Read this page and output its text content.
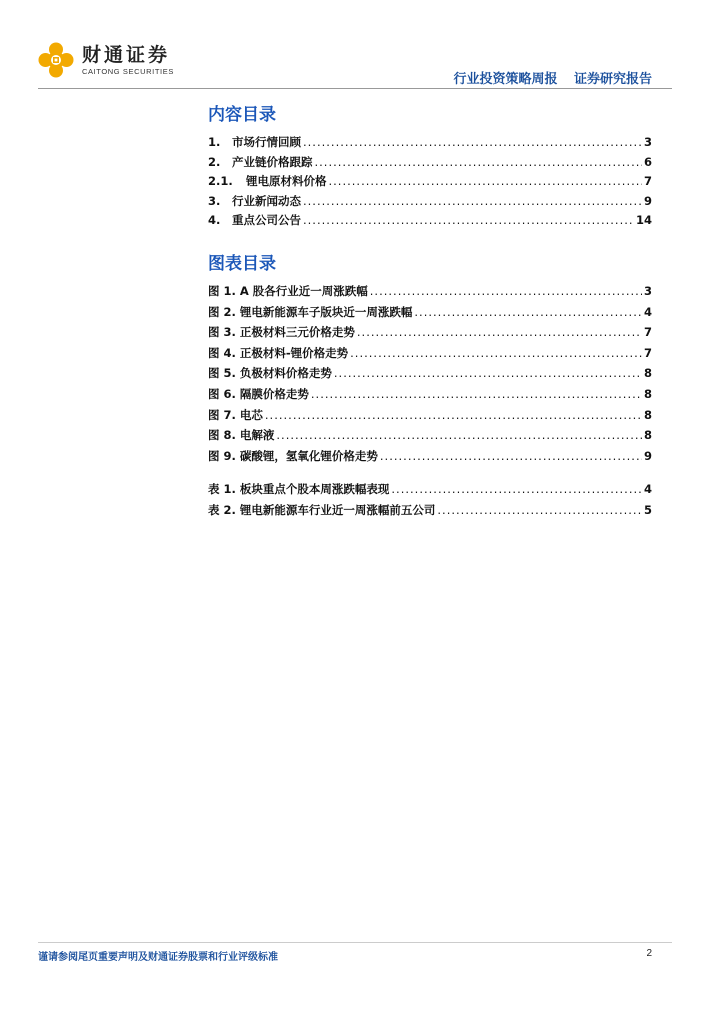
财通证券
CAITONG SECURITIES
行业投资策略周报 证券研究报告
内容目录
1. 市场行情回顾 .....	3
2. 产业链价格跟踪 .....	6
2.1. 锂电原材料价格 .....	7
3. 行业新闻动态 .....	9
4. 重点公司公告 .....	14
图表目录
图 1. A 股各行业近一周涨跌幅 .....	3
图 2. 锂电新能源车子版块近一周涨跌幅 .....	4
图 3. 正极材料三元价格走势 .....	7
图 4. 正极材料-锂价格走势 .....	7
图 5. 负极材料价格走势 .....	8
图 6. 隔膜价格走势 .....	8
图 7. 电芯 .....	8
图 8. 电解液 .....	8
图 9. 碳酸锂，氢氧化锂价格走势 .....	9
表 1. 板块重点个股本周涨跌幅表现 .....	4
表 2. 锂电新能源车行业近一周涨幅前五公司 .....	5
谨请参阅尾页重要声明及财通证券股票和行业评级标准	2
